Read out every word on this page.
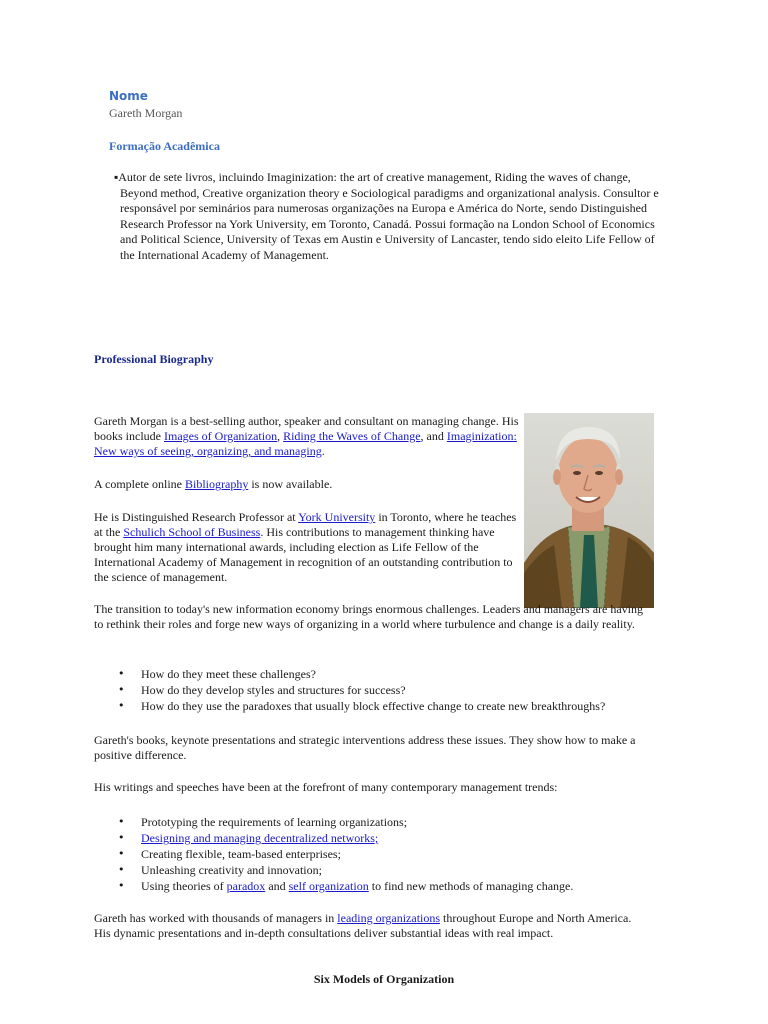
Nome
Gareth Morgan
Formação Acadêmica
▪Autor de sete livros, incluindo Imaginization: the art of creative management, Riding the waves of change, Beyond method, Creative organization theory e Sociological paradigms and organizational analysis. Consultor e responsável por seminários para numerosas organizações na Europa e América do Norte, sendo Distinguished Research Professor na York University, em Toronto, Canadá. Possui formação na London School of Economics and Political Science, University of Texas em Austin e University of Lancaster, tendo sido eleito Life Fellow of the International Academy of Management.
Professional Biography

Gareth Morgan is a best-selling author, speaker and consultant on managing change. His books include Images of Organization, Riding the Waves of Change, and Imaginization: New ways of seeing, organizing, and managing.

A complete online Bibliography is now available.

He is Distinguished Research Professor at York University in Toronto, where he teaches at the Schulich School of Business. His contributions to management thinking have brought him many international awards, including election as Life Fellow of the International Academy of Management in recognition of an outstanding contribution to the science of management.

The transition to today's new information economy brings enormous challenges. Leaders and managers are having to rethink their roles and forge new ways of organizing in a world where turbulence and change is a daily reality.

• How do they meet these challenges?
• How do they develop styles and structures for success?
• How do they use the paradoxes that usually block effective change to create new breakthroughs?

Gareth's books, keynote presentations and strategic interventions address these issues. They show how to make a positive difference.

His writings and speeches have been at the forefront of many contemporary management trends:

• Prototyping the requirements of learning organizations;
• Designing and managing decentralized networks;
• Creating flexible, team-based enterprises;
• Unleashing creativity and innovation;
• Using theories of paradox and self organization to find new methods of managing change.

Gareth has worked with thousands of managers in leading organizations throughout Europe and North America. His dynamic presentations and in-depth consultations deliver substantial ideas with real impact.

Six Models of Organization
